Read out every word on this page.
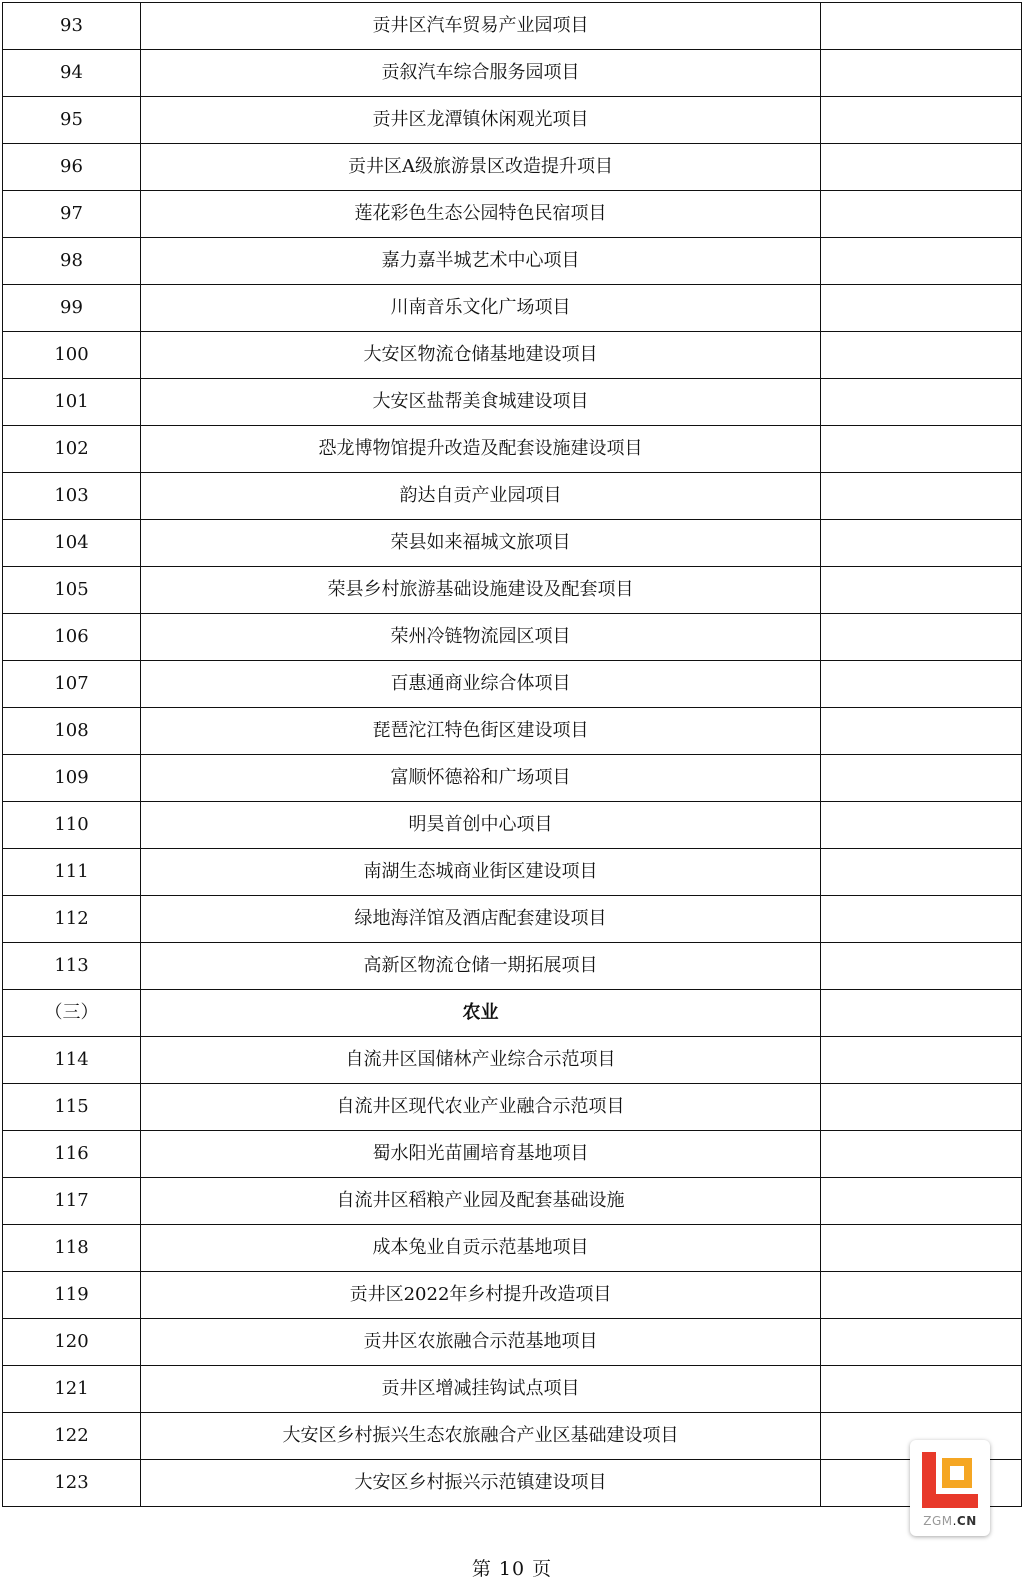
93	贡井区汽车贸易产业园项目	
94	贡叙汽车综合服务园项目	
95	贡井区龙潭镇休闲观光项目	
96	贡井区A级旅游景区改造提升项目	
97	莲花彩色生态公园特色民宿项目	
98	嘉力嘉半城艺术中心项目	
99	川南音乐文化广场项目	
100	大安区物流仓储基地建设项目	
101	大安区盐帮美食城建设项目	
102	恐龙博物馆提升改造及配套设施建设项目	
103	韵达自贡产业园项目	
104	荣县如来福城文旅项目	
105	荣县乡村旅游基础设施建设及配套项目	
106	荣州冷链物流园区项目	
107	百惠通商业综合体项目	
108	琵琶沱江特色街区建设项目	
109	富顺怀德裕和广场项目	
110	明昊首创中心项目	
111	南湖生态城商业街区建设项目	
112	绿地海洋馆及酒店配套建设项目	
113	高新区物流仓储一期拓展项目	
（三）	农业	
114	自流井区国储林产业综合示范项目	
115	自流井区现代农业产业融合示范项目	
116	蜀水阳光苗圃培育基地项目	
117	自流井区稻粮产业园及配套基础设施	
118	成本兔业自贡示范基地项目	
119	贡井区2022年乡村提升改造项目	
120	贡井区农旅融合示范基地项目	
121	贡井区增减挂钩试点项目	
122	大安区乡村振兴生态农旅融合产业区基础建设项目	
123	大安区乡村振兴示范镇建设项目	
第 10 页
ZGM.CN
